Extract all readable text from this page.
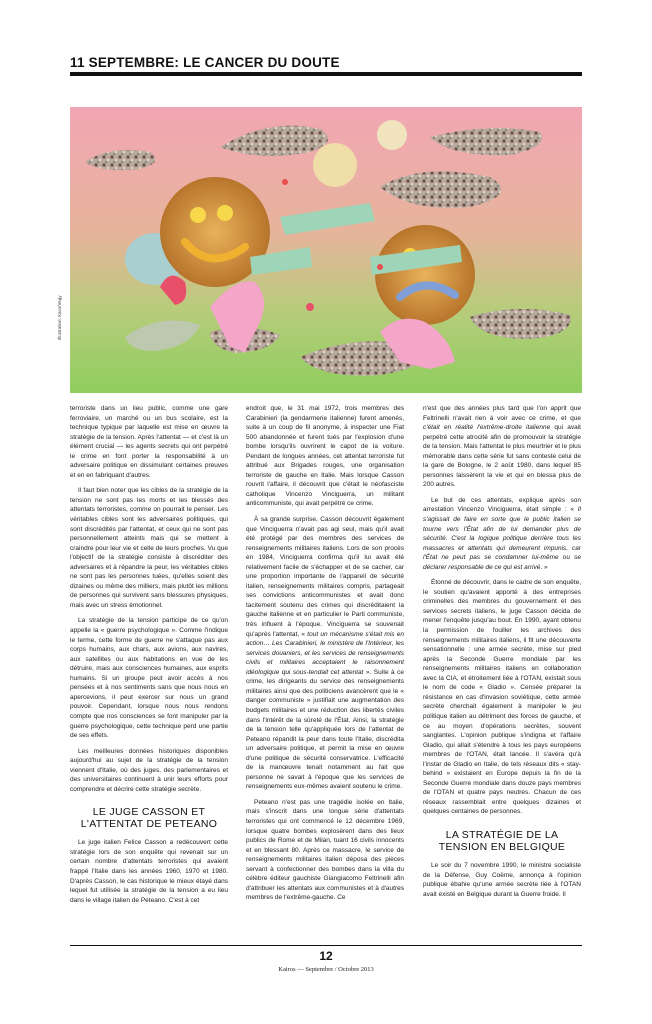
11 SEPTEMBRE: LE CANCER DU DOUTE
Illustration: Kaos/Vegy

terroriste dans un lieu public, comme une gare ferroviaire, un marché ou un bus scolaire, est la technique typique par laquelle est mise en œuvre la stratégie de la tension. Après l'attentat — et c'est là un élément crucial — les agents secrets qui ont perpétré le crime en font porter la responsabilité à un adversaire politique en dissimulant certaines preuves et en en fabriquant d'autres.

Il faut bien noter que les cibles de la stratégie de la tension ne sont pas les morts et les blessés des attentats terroristes, comme on pourrait le penser. Les véritables cibles sont les adversaires politiques, qui sont discrédités par l'attentat, et ceux qui ne sont pas personnellement atteints mais qui se mettent à craindre pour leur vie et celle de leurs proches. Vu que l'objectif de la stratégie consiste à discréditer des adversaires et à répandre la peur, les véritables cibles ne sont pas les personnes tuées, qu'elles soient des dizaines ou même des milliers, mais plutôt les millions de personnes qui survivent sans blessures physiques, mais avec un stress émotionnel.

La stratégie de la tension participe de ce qu'on appelle la « guerre psychologique ». Comme l'indique le terme, cette forme de guerre ne s'attaque pas aux corps humains, aux chars, aux avions, aux navires, aux satellites ou aux habitations en vue de les détruire, mais aux consciences humaines, aux esprits humains. Si un groupe peut avoir accès à nos pensées et à nos sentiments sans que nous nous en apercevions, il peut exercer sur nous un grand pouvoir. Cependant, lorsque nous nous rendons compte que nos consciences se font manipuler par la guerre psychologique, cette technique perd une partie de ses effets.

Les meilleures données historiques disponibles aujourd'hui au sujet de la stratégie de la tension viennent d'Italie, où des juges, des parlementaires et des universitaires continuent à unir leurs efforts pour comprendre et décrire cette stratégie secrète.

LE JUGE CASSON ET L'ATTENTAT DE PETEANO

Le juge italien Felice Casson a redécouvert cette stratégie lors de son enquête qui revenait sur un certain nombre d'attentats terroristes qui avaient frappé l'Italie dans les années 1960, 1970 et 1980. D'après Casson, le cas historique le mieux étayé dans lequel fut utilisée la stratégie de la tension a eu lieu dans le village italien de Peteano. C'est à cet

endroit que, le 31 mai 1972, trois membres des Carabinieri (la gendarmerie italienne) furent amenés, suite à un coup de fil anonyme, à inspecter une Fiat 500 abandonnée et furent tués par l'explosion d'une bombe lorsqu'ils ouvrirent le capot de la voiture. Pendant de longues années, cet attentat terroriste fut attribué aux Brigades rouges, une organisation terroriste de gauche en Italie. Mais lorsque Casson rouvrit l'affaire, il découvrit que c'était le néofasciste catholique Vincenzo Vinciguerra, un militant anticommuniste, qui avait perpétré ce crime.

À sa grande surprise, Casson découvrit également que Vinciguerra n'avait pas agi seul, mais qu'il avait été protégé par des membres des services de renseignements militaires italiens. Lors de son procès en 1984, Vinciguerra confirma qu'il lui avait été relativement facile de s'échapper et de se cacher, car une proportion importante de l'appareil de sécurité italien, renseignements militaires compris, partageait ses convictions anticommunistes et avait donc tacitement soutenu des crimes qui discréditaient la gauche italienne et en particulier le Parti communiste, très influent à l'époque. Vinciguerra se souvenait qu'après l'attentat, « tout un mécanisme s'était mis en action… Les Carabinieri, le ministère de l'Intérieur, les services douaniers, et les services de renseignements civils et militaires acceptaient le raisonnement idéologique qui sous-tendait cet attentat ». Suite à ce crime, les dirigeants du service des renseignements militaires ainsi que des politiciens avancèrent que le « danger communiste » justifiait une augmentation des budgets militaires et une réduction des libertés civiles dans l'intérêt de la sûreté de l'État. Ainsi, la stratégie de la tension telle qu'appliquée lors de l'attentat de Peteano répandit la peur dans toute l'Italie, discrédita un adversaire politique, et permit la mise en œuvre d'une politique de sécurité conservatrice. L'efficacité de la manœuvre tenait notamment au fait que personne ne savait à l'époque que les services de renseignements eux-mêmes avaient soutenu le crime.

Peteano n'est pas une tragédie isolée en Italie, mais s'inscrit dans une longue série d'attentats terroristes qui ont commencé le 12 décembre 1969, lorsque quatre bombes explosèrent dans des lieux publics de Rome et de Milan, tuant 16 civils innocents et en blessant 80. Après ce massacre, le service de renseignements militaires italien déposa des pièces servant à confectionner des bombes dans la villa du célèbre éditeur gauchiste Giangiacomo Feltrinelli afin d'attribuer les attentats aux communistes et à d'autres membres de l'extrême-gauche. Ce

n'est que des années plus tard que l'on apprit que Feltrinelli n'avait rien à voir avec ce crime, et que c'était en réalité l'extrême-droite italienne qui avait perpétré cette atrocité afin de promouvoir la stratégie de la tension. Mais l'attentat le plus meurtrier et le plus mémorable dans cette série fut sans conteste celui de la gare de Bologne, le 2 août 1980, dans lequel 85 personnes laissèrent la vie et qui en blessa plus de 200 autres.

Le but de ces attentats, explique après son arrestation Vincenzo Vinciguerra, était simple : « Il s'agissait de faire en sorte que le public italien se tourne vers l'État afin de lui demander plus de sécurité. C'est la logique politique derrière tous les massacres et attentats qui demeurent impunis, car l'État ne peut pas se condamner lui-même ou se déclarer responsable de ce qui est arrivé. »

Étonné de découvrir, dans le cadre de son enquête, le soutien qu'avaient apporté à des entreprises criminelles des membres du gouvernement et des services secrets italiens, le juge Casson décida de mener l'enquête jusqu'au bout. En 1990, ayant obtenu la permission de fouiller les archives des renseignements militaires italiens, il fit une découverte sensationnelle : une armée secrète, mise sur pied après la Seconde Guerre mondiale par les renseignements militaires italiens en collaboration avec la CIA, et étroitement liée à l'OTAN, existait sous le nom de code « Gladio ». Censée préparer la résistance en cas d'invasion soviétique, cette armée secrète cherchait également à manipuler le jeu politique italien au détriment des forces de gauche, et ce au moyen d'opérations secrètes, souvent sanglantes. L'opinion publique s'indigna et l'affaire Gladio, qui allait s'étendre à tous les pays européens membres de l'OTAN, était lancée. Il s'avéra qu'à l'instar de Gladio en Italie, de tels réseaux dits « stay-behind » existaient en Europe depuis la fin de la Seconde Guerre mondiale dans douze pays membres de l'OTAN et quatre pays neutres. Chacun de ces réseaux rassemblait entre quelques dizaines et quelques centaines de personnes.

LA STRATÉGIE DE LA TENSION EN BELGIQUE

Le soir du 7 novembre 1990, le ministre socialiste de la Défense, Guy Coëme, annonça à l'opinion publique ébahie qu'une armée secrète liée à l'OTAN avait existé en Belgique durant la Guerre froide. Il

12
Kairos — Septembre / Octobre 2013
